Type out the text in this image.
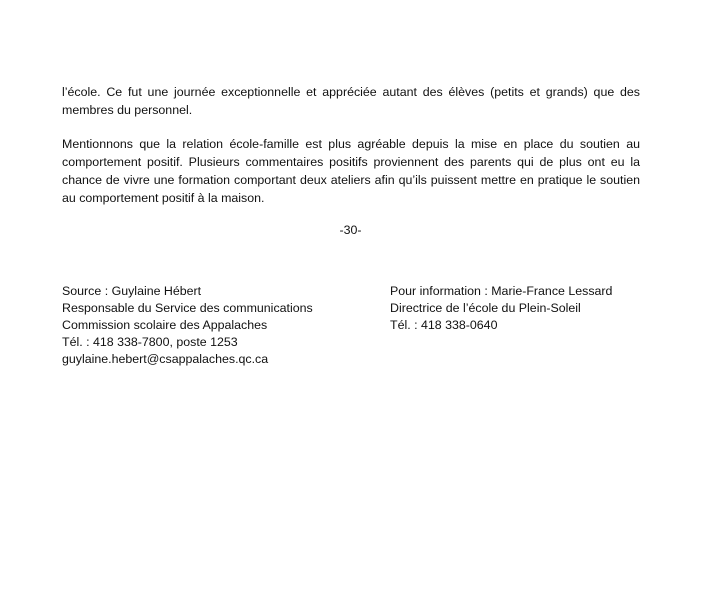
l’école. Ce fut une journée exceptionnelle et appréciée autant des élèves (petits et grands) que des membres du personnel.

Mentionnons que la relation école-famille est plus agréable depuis la mise en place du soutien au comportement positif. Plusieurs commentaires positifs proviennent des parents qui de plus ont eu la chance de vivre une formation comportant deux ateliers afin qu’ils puissent mettre en pratique le soutien au comportement positif à la maison.

-30-
Source : Guylaine Hébert
Responsable du Service des communications
Commission scolaire des Appalaches
Tél. : 418 338-7800, poste 1253
guylaine.hebert@csappalaches.qc.ca
Pour information : Marie-France Lessard
Directrice de l’école du Plein-Soleil
Tél. : 418 338-0640
